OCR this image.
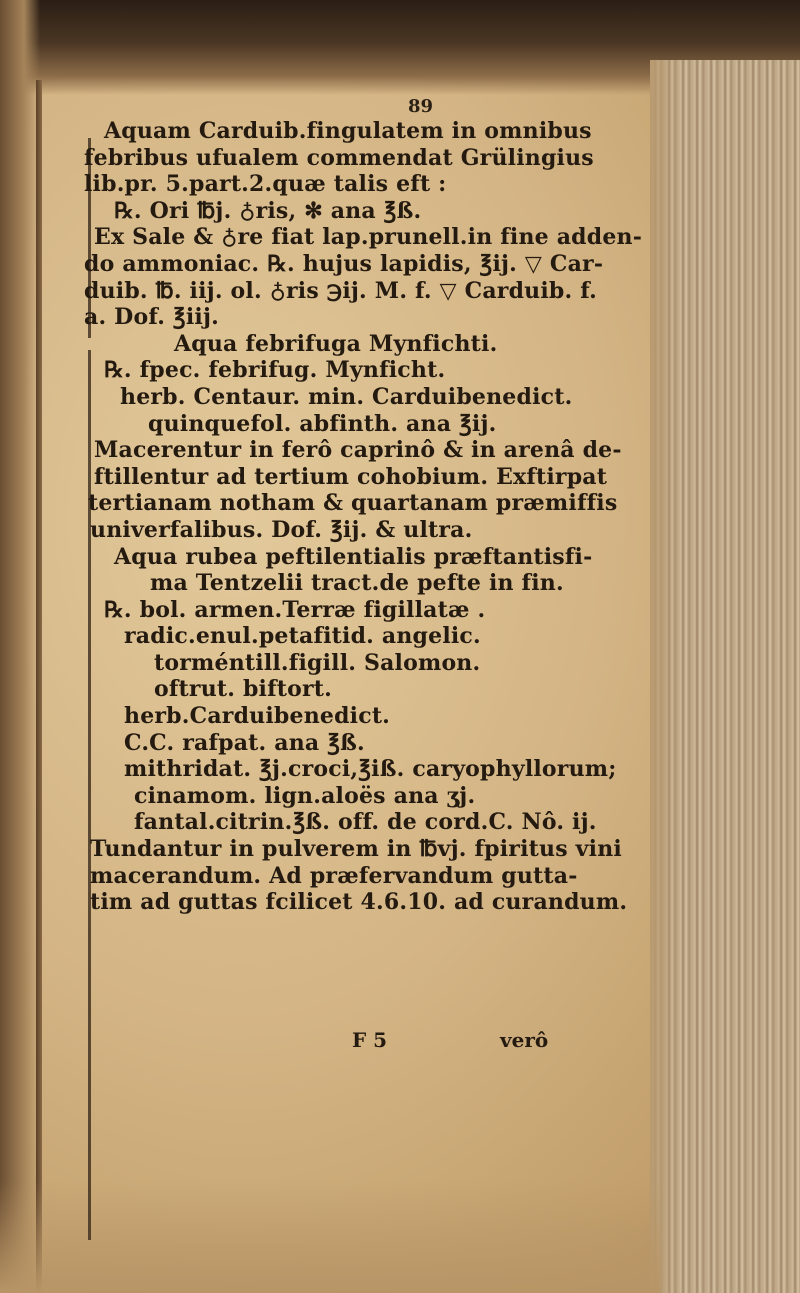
89
Aquam Carduib.fingulatem in omnibus
febribus ufualem commendat Grülingius
lib.pr. 5.part.2.quæ talis eft :
℞. Ori ℔j. ♁ris, ✻ ana ℥ß.
Ex Sale & ♁re fiat lap.prunell.in fine adden-
do ammoniac. ℞. hujus lapidis, ℥ij. ▽ Car-
duib. ℔. iij. ol. ♁ris ℈ij. M. f. ▽ Carduib. f.
a. Dof. ℥iij.
Aqua febrifuga Mynfichti.
℞. fpec. febrifug. Mynficht.
herb. Centaur. min. Carduibenedict.
quinquefol. abfinth. ana ℥ij.
Macerentur in ferô caprinô & in arenâ de-
ftillentur ad tertium cohobium. Exftirpat
tertianam notham & quartanam præmiffis
univerfalibus. Dof. ℥ij. & ultra.
Aqua rubea peftilentialis præftantisfi-
ma Tentzelii tract.de pefte in fin.
℞. bol. armen.Terræ figillatæ .
radic.enul.petafitid. angelic.
torméntill.figill. Salomon.
oftrut. biftort.
herb.Carduibenedict.
C.C. rafpat. ana ℥ß.
mithridat. ℥j.croci,℥iß. caryophyllorum;
cinamom. lign.aloës ana ʒj.
fantal.citrin.℥ß. off. de cord.C. Nô. ij.
Tundantur in pulverem in ℔vj. fpiritus vini
macerandum. Ad præfervandum gutta-
tim ad guttas fcilicet 4.6.10. ad curandum.
F 5	verô
